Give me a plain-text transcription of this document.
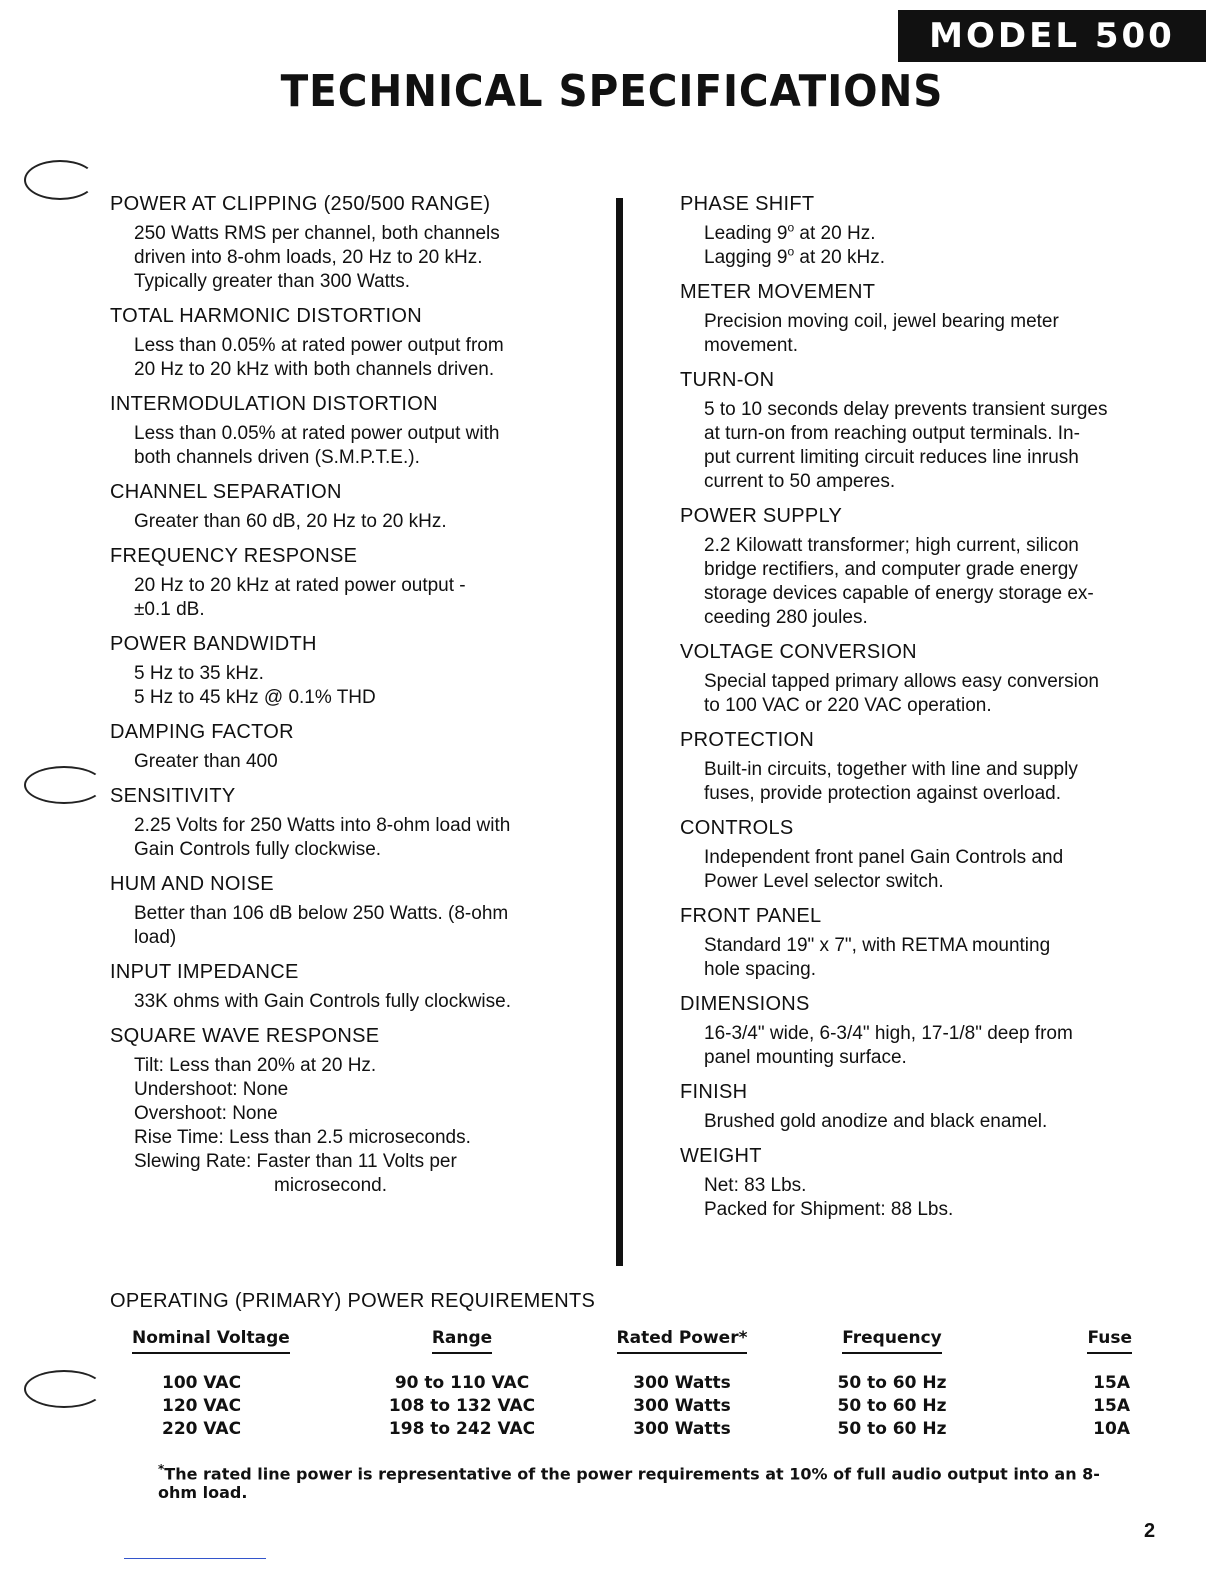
MODEL 500
TECHNICAL SPECIFICATIONS
POWER AT CLIPPING (250/500 RANGE)
250 Watts RMS per channel, both channels
driven into 8-ohm loads, 20 Hz to 20 kHz.
Typically greater than 300 Watts.
TOTAL HARMONIC DISTORTION
Less than 0.05% at rated power output from
20 Hz to 20 kHz with both channels driven.
INTERMODULATION DISTORTION
Less than 0.05% at rated power output with
both channels driven (S.M.P.T.E.).
CHANNEL SEPARATION
Greater than 60 dB, 20 Hz to 20 kHz.
FREQUENCY RESPONSE
20 Hz to 20 kHz at rated power output -
±0.1 dB.
POWER BANDWIDTH
5 Hz to 35 kHz.
5 Hz to 45 kHz @ 0.1% THD
DAMPING FACTOR
Greater than 400
SENSITIVITY
2.25 Volts for 250 Watts into 8-ohm load with
Gain Controls fully clockwise.
HUM AND NOISE
Better than 106 dB below 250 Watts. (8-ohm
load)
INPUT IMPEDANCE
33K ohms with Gain Controls fully clockwise.
SQUARE WAVE RESPONSE
Tilt: Less than 20% at 20 Hz.
Undershoot: None
Overshoot: None
Rise Time: Less than 2.5 microseconds.
Slewing Rate: Faster than 11 Volts per
microsecond.
PHASE SHIFT
Leading 9$^o$ at 20 Hz.
Lagging 9$^o$ at 20 kHz.
METER MOVEMENT
Precision moving coil, jewel bearing meter
movement.
TURN-ON
5 to 10 seconds delay prevents transient surges
at turn-on from reaching output terminals. In-
put current limiting circuit reduces line inrush
current to 50 amperes.
POWER SUPPLY
2.2 Kilowatt transformer; high current, silicon
bridge rectifiers, and computer grade energy
storage devices capable of energy storage ex-
ceeding 280 joules.
VOLTAGE CONVERSION
Special tapped primary allows easy conversion
to 100 VAC or 220 VAC operation.
PROTECTION
Built-in circuits, together with line and supply
fuses, provide protection against overload.
CONTROLS
Independent front panel Gain Controls and
Power Level selector switch.
FRONT PANEL
Standard 19" x 7", with RETMA mounting
hole spacing.
DIMENSIONS
16-3/4" wide, 6-3/4" high, 17-1/8" deep from
panel mounting surface.
FINISH
Brushed gold anodize and black enamel.
WEIGHT
Net: 83 Lbs.
Packed for Shipment: 88 Lbs.
OPERATING (PRIMARY) POWER REQUIREMENTS
Nominal Voltage	Range	Rated Power*	Frequency	Fuse
100 VAC	90 to 110 VAC	300 Watts	50 to 60 Hz	15A
120 VAC	108 to 132 VAC	300 Watts	50 to 60 Hz	15A
220 VAC	198 to 242 VAC	300 Watts	50 to 60 Hz	10A
*The rated line power is representative of the power requirements at 10% of full audio output into an 8-ohm load.
2
